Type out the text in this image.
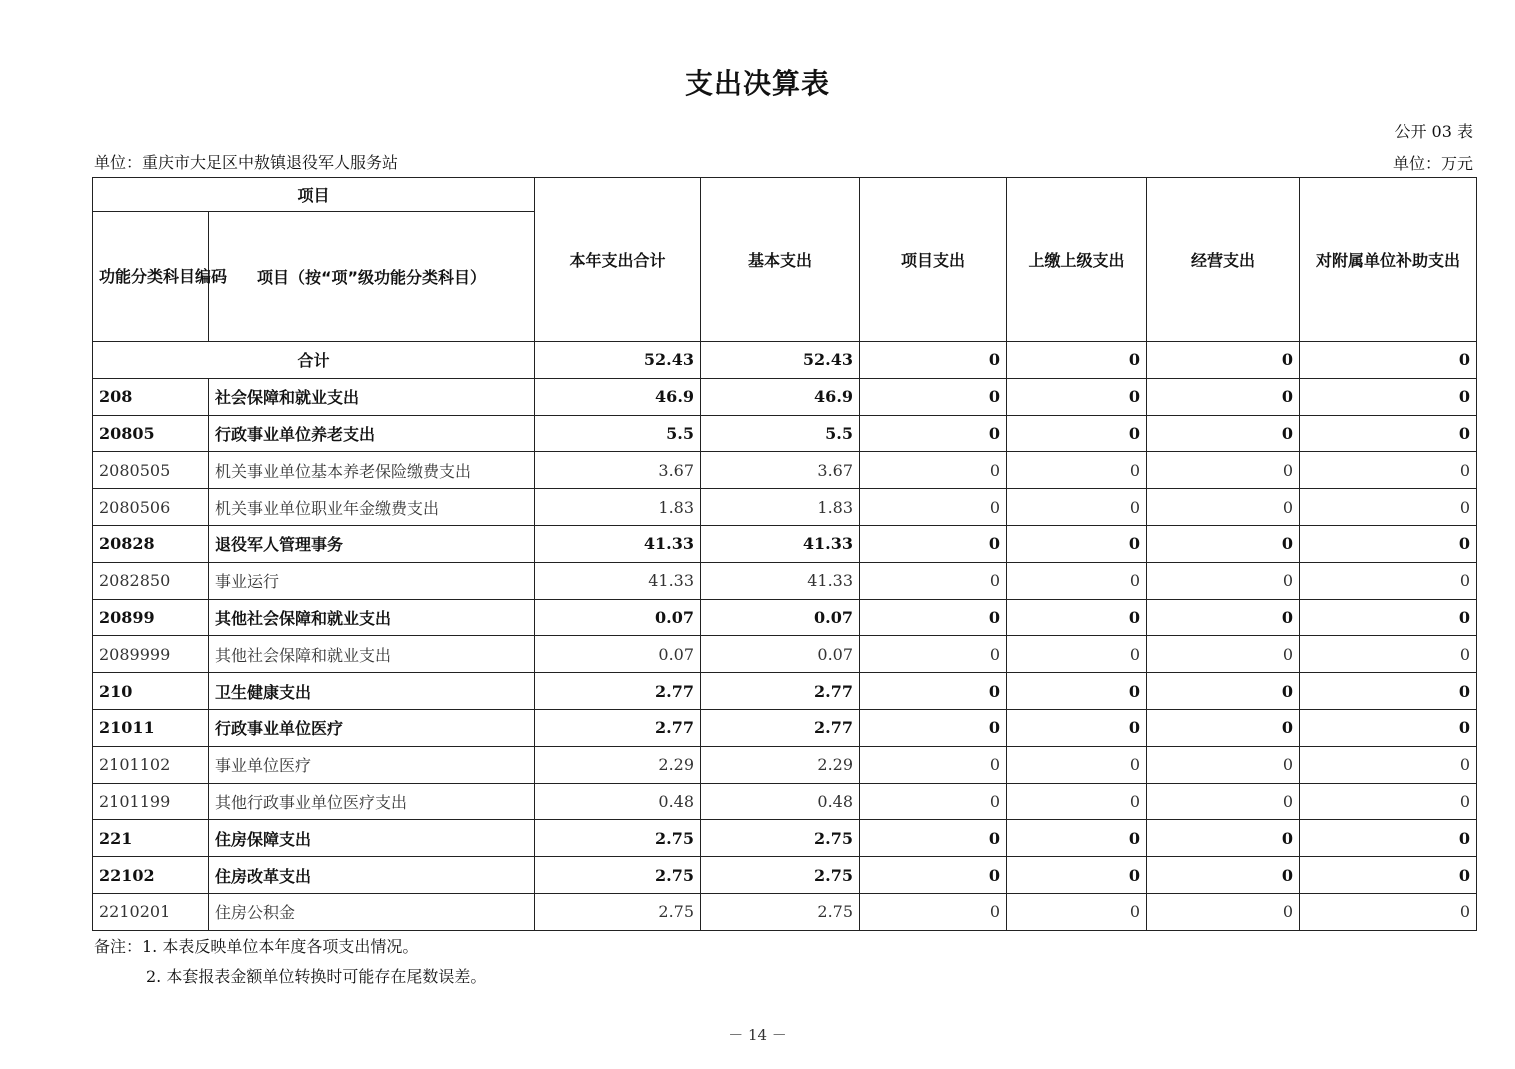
支出决算表
公开 03 表
单位：重庆市大足区中敖镇退役军人服务站	单位：万元
项目		本年支出合计	基本支出	项目支出	上缴上级支出	经营支出	对附属单位补助支出
功能分类科目编码	项目（按“项”级功能分类科目）						
合计		52.43	52.43	0	0	0	0
208	社会保障和就业支出	46.9	46.9	0	0	0	0
20805	行政事业单位养老支出	5.5	5.5	0	0	0	0
2080505	机关事业单位基本养老保险缴费支出	3.67	3.67	0	0	0	0
2080506	机关事业单位职业年金缴费支出	1.83	1.83	0	0	0	0
20828	退役军人管理事务	41.33	41.33	0	0	0	0
2082850	事业运行	41.33	41.33	0	0	0	0
20899	其他社会保障和就业支出	0.07	0.07	0	0	0	0
2089999	其他社会保障和就业支出	0.07	0.07	0	0	0	0
210	卫生健康支出	2.77	2.77	0	0	0	0
21011	行政事业单位医疗	2.77	2.77	0	0	0	0
2101102	事业单位医疗	2.29	2.29	0	0	0	0
2101199	其他行政事业单位医疗支出	0.48	0.48	0	0	0	0
221	住房保障支出	2.75	2.75	0	0	0	0
22102	住房改革支出	2.75	2.75	0	0	0	0
2210201	住房公积金	2.75	2.75	0	0	0	0
备注：1. 本表反映单位本年度各项支出情况。
2. 本套报表金额单位转换时可能存在尾数误差。
－ 14 －
